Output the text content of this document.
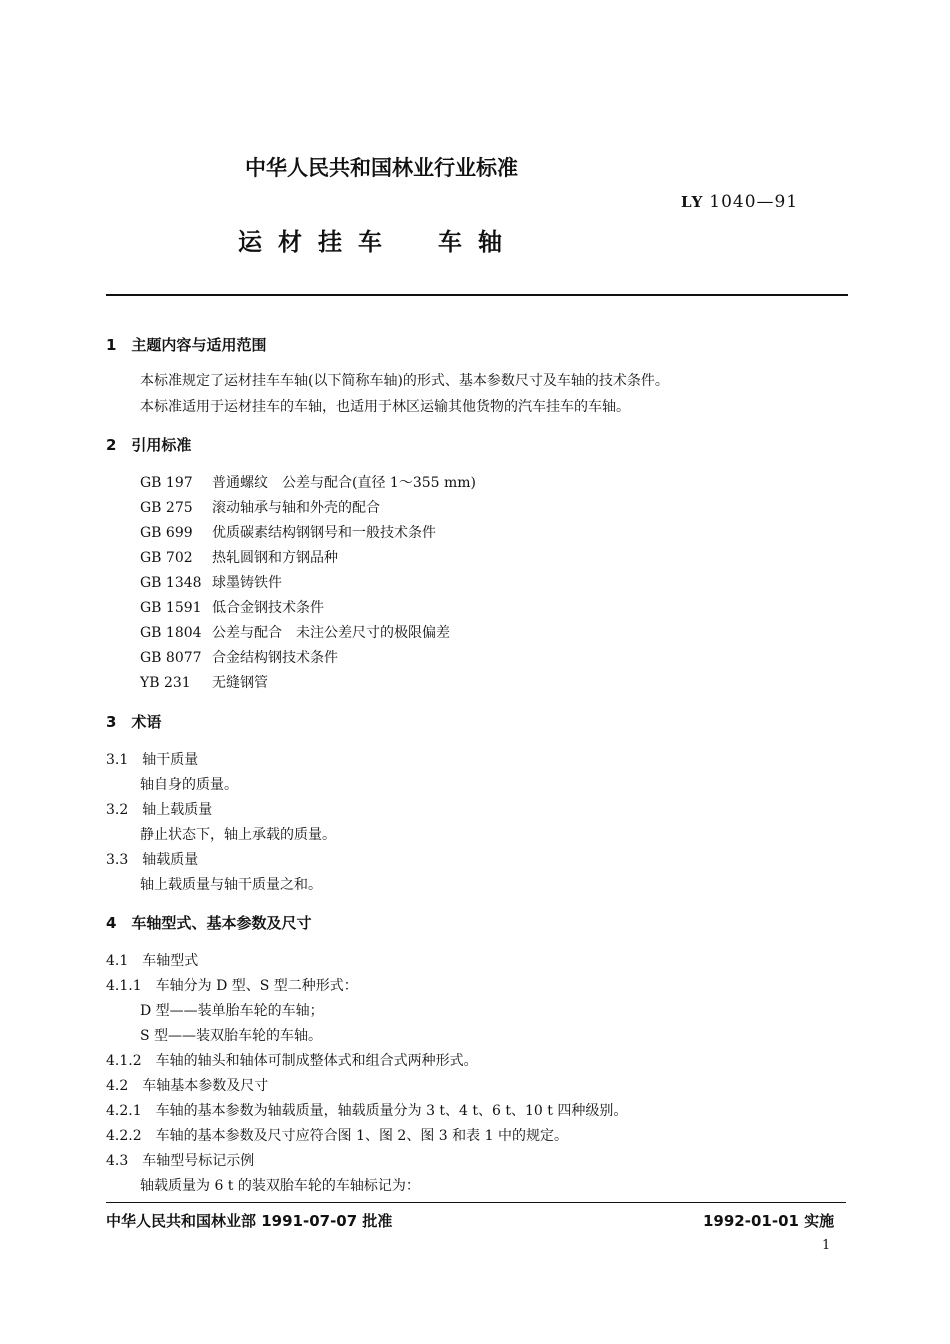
中华人民共和国林业行业标准
LY 1040—91
运材挂车　车轴
1　主题内容与适用范围
本标准规定了运材挂车车轴(以下简称车轴)的形式、基本参数尺寸及车轴的技术条件。
本标准适用于运材挂车的车轴，也适用于林区运输其他货物的汽车挂车的车轴。
2　引用标准
GB 197 普通螺纹　公差与配合(直径 1～355 mm)
GB 275 滚动轴承与轴和外壳的配合
GB 699 优质碳素结构钢钢号和一般技术条件
GB 702 热轧圆钢和方钢品种
GB 1348 球墨铸铁件
GB 1591 低合金钢技术条件
GB 1804 公差与配合　未注公差尺寸的极限偏差
GB 8077 合金结构钢技术条件
YB 231 无缝钢管
3　术语
3.1　轴干质量
轴自身的质量。
3.2　轴上载质量
静止状态下，轴上承载的质量。
3.3　轴载质量
轴上载质量与轴干质量之和。
4　车轴型式、基本参数及尺寸
4.1　车轴型式
4.1.1　车轴分为 D 型、S 型二种形式：
D 型——装单胎车轮的车轴；
S 型——装双胎车轮的车轴。
4.1.2　车轴的轴头和轴体可制成整体式和组合式两种形式。
4.2　车轴基本参数及尺寸
4.2.1　车轴的基本参数为轴载质量，轴载质量分为 3 t、4 t、6 t、10 t 四种级别。
4.2.2　车轴的基本参数及尺寸应符合图 1、图 2、图 3 和表 1 中的规定。
4.3　车轴型号标记示例
轴载质量为 6 t 的装双胎车轮的车轴标记为：
中华人民共和国林业部 1991-07-07 批准	1992-01-01 实施
1
